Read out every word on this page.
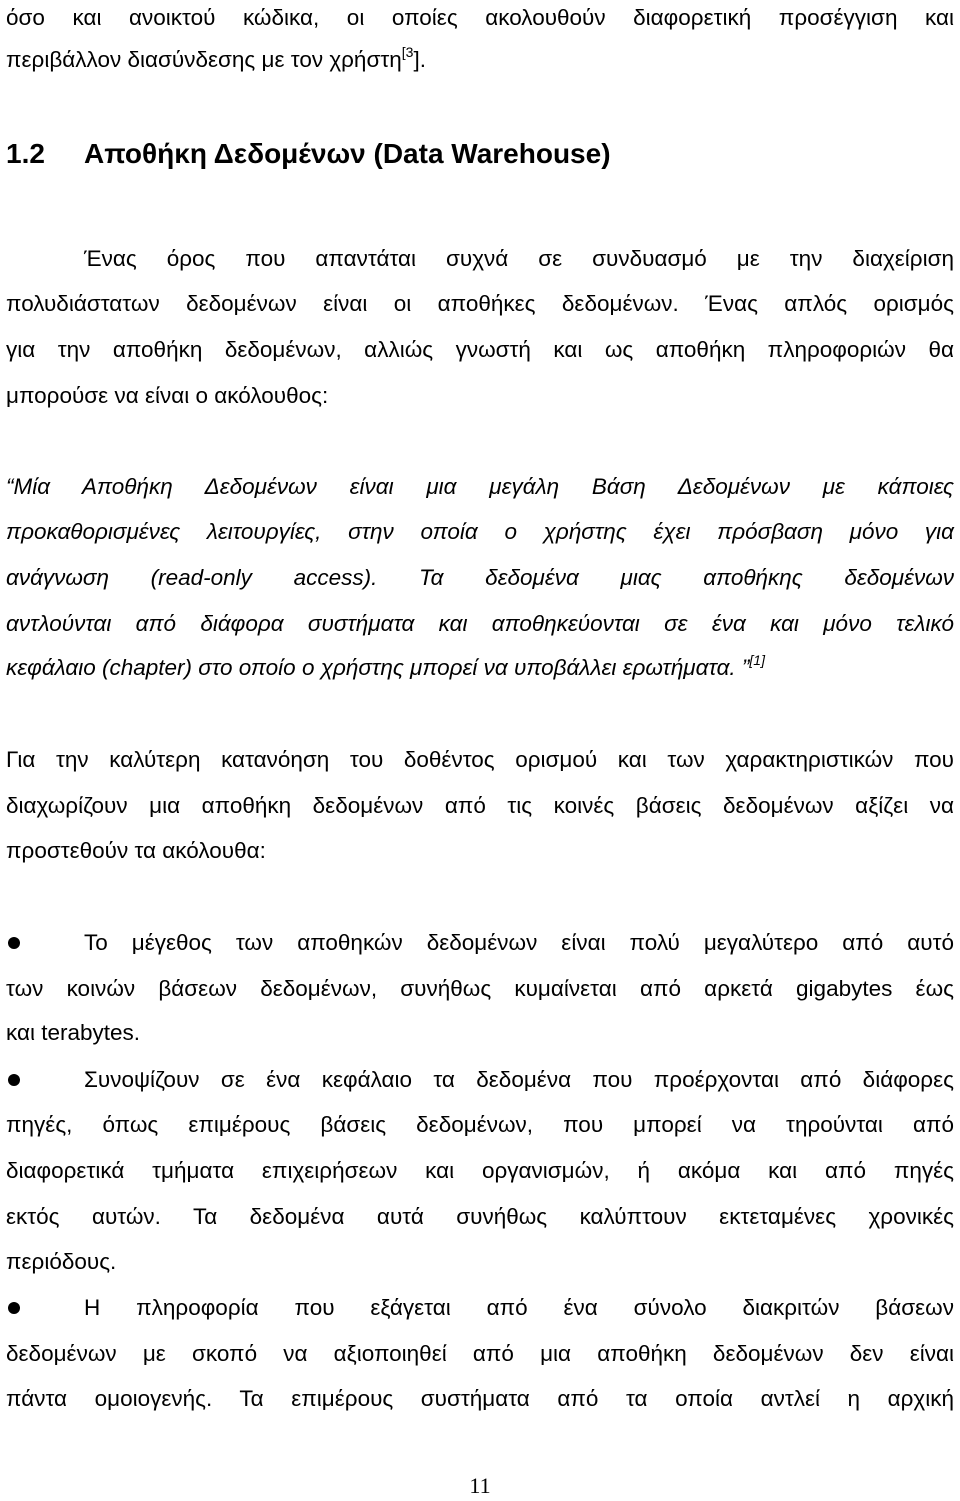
όσο και ανοικτού κώδικα, οι οποίες ακολουθούν διαφορετική προσέγγιση και
περιβάλλον διασύνδεσης με τον χρήστη$^{[3}$].
1.2 Αποθήκη Δεδομένων (Data Warehouse)
Ένας όρος που απαντάται συχνά σε συνδυασμό με την διαχείριση
πολυδιάστατων δεδομένων είναι οι αποθήκες δεδομένων. Ένας απλός ορισμός
για την αποθήκη δεδομένων, αλλιώς γνωστή και ως αποθήκη πληροφοριών θα
μπορούσε να είναι ο ακόλουθος:
“Μία Αποθήκη Δεδομένων είναι μια μεγάλη Βάση Δεδομένων με κάποιες
προκαθορισμένες λειτουργίες, στην οποία ο χρήστης έχει πρόσβαση μόνο για
ανάγνωση (read-only access). Τα δεδομένα μιας αποθήκης δεδομένων
αντλούνται από διάφορα συστήματα και αποθηκεύονται σε ένα και μόνο τελικό
κεφάλαιο (chapter) στο οποίο ο χρήστης μπορεί να υποβάλλει ερωτήματα. ”[1]
Για την καλύτερη κατανόηση του δοθέντος ορισμού και των χαρακτηριστικών που
διαχωρίζουν μια αποθήκη δεδομένων από τις κοινές βάσεις δεδομένων αξίζει να
προστεθούν τα ακόλουθα:
Το μέγεθος των αποθηκών δεδομένων είναι πολύ μεγαλύτερο από αυτό
των κοινών βάσεων δεδομένων, συνήθως κυμαίνεται από αρκετά gigabytes έως
και terabytes.
Συνοψίζουν σε ένα κεφάλαιο τα δεδομένα που προέρχονται από διάφορες
πηγές, όπως επιμέρους βάσεις δεδομένων, που μπορεί να τηρούνται από
διαφορετικά τμήματα επιχειρήσεων και οργανισμών, ή ακόμα και από πηγές
εκτός αυτών. Τα δεδομένα αυτά συνήθως καλύπτουν εκτεταμένες χρονικές
περιόδους.
Η πληροφορία που εξάγεται από ένα σύνολο διακριτών βάσεων
δεδομένων με σκοπό να αξιοποιηθεί από μια αποθήκη δεδομένων δεν είναι
πάντα ομοιογενής. Τα επιμέρους συστήματα από τα οποία αντλεί η αρχική
11
